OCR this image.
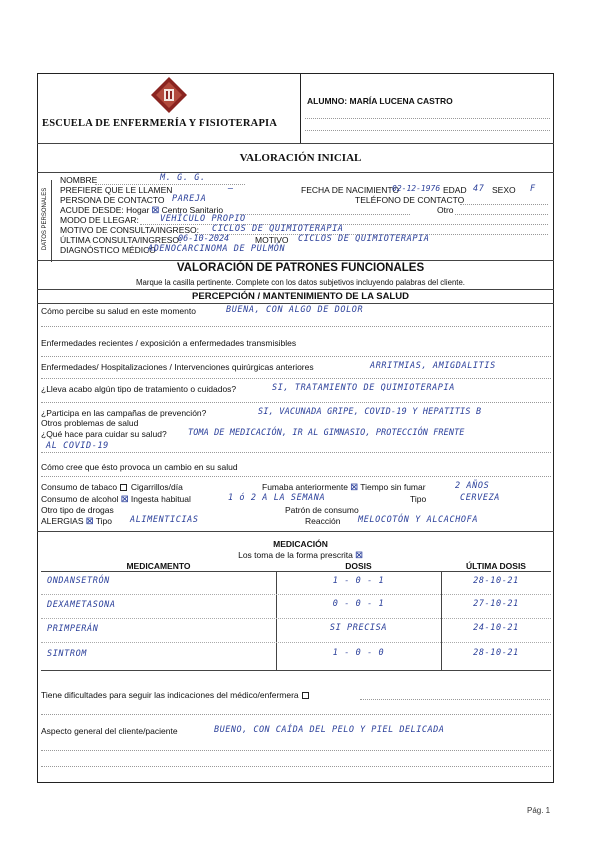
ESCUELA DE ENFERMERÍA Y FISIOTERAPIA
ALUMNO: MARÍA LUCENA CASTRO
VALORACIÓN INICIAL
DATOS PERSONALES
NOMBRE	M. G. G.
PREFIERE QUE LE LLAMEN	—	FECHA DE NACIMIENTO
02-12-1976 EDAD 47 SEXO F
PERSONA DE CONTACTO PAREJA	TELÉFONO DE CONTACTO
ACUDE DESDE: Hogar ☒ Centro Sanitario	Otro
MODO DE LLEGAR: VEHÍCULO PROPIO
MOTIVO DE CONSULTA/INGRESO: CICLOS DE QUIMIOTERAPIA
ÚLTIMA CONSULTA/INGRESO:
06-10-2024	MOTIVO CICLOS DE QUIMIOTERAPIA
DIAGNÓSTICO MÉDICO
ADENOCARCINOMA DE PULMÓN
VALORACIÓN DE PATRONES FUNCIONALES
Marque la casilla pertinente. Complete con los datos subjetivos incluyendo palabras del cliente.
PERCEPCIÓN / MANTENIMIENTO DE LA SALUD
Cómo percibe su salud en este momento	BUENA, CON ALGO DE DOLOR
Enfermedades recientes / exposición a enfermedades transmisibles
Enfermedades/ Hospitalizaciones / Intervenciones quirúrgicas anteriores	ARRITMIAS, AMIGDALITIS
¿Lleva acabo algún tipo de tratamiento o cuidados?	SI, TRATAMIENTO DE QUIMIOTERAPIA
¿Participa en las campañas de prevención?	SI, VACUNADA GRIPE, COVID-19 Y HEPATITIS B
Otros problemas de salud
¿Qué hace para cuidar su salud?	TOMA DE MEDICACIÓN, IR AL GIMNASIO, PROTECCIÓN FRENTE
AL COVID-19
Cómo cree que ésto provoca un cambio en su salud
Consumo de tabaco Cigarrillos/día	Fumaba anteriormente ☒ Tiempo sin fumar	2 AÑOS
Consumo de alcohol ☒ Ingesta habitual	1 ó 2 A LA SEMANA	Tipo	CERVEZA
Otro tipo de drogas	Patrón de consumo
ALERGIAS ☒ Tipo ALIMENTICIAS	Reacción MELOCOTÓN Y ALCACHOFA
MEDICACIÓN
Los toma de la forma prescrita ☒
MEDICAMENTO	DOSIS	ÚLTIMA DOSIS
ONDANSETRÓN	1 - 0 - 1	28-10-21
DEXAMETASONA	0 - 0 - 1	27-10-21
PRIMPERÁN	SI PRECISA	24-10-21
SINTROM	1 - 0 - 0	28-10-21
Tiene dificultades para seguir las indicaciones del médico/enfermera
Aspecto general del cliente/paciente	BUENO, CON CAÍDA DEL PELO Y PIEL DELICADA
Pág. 1
